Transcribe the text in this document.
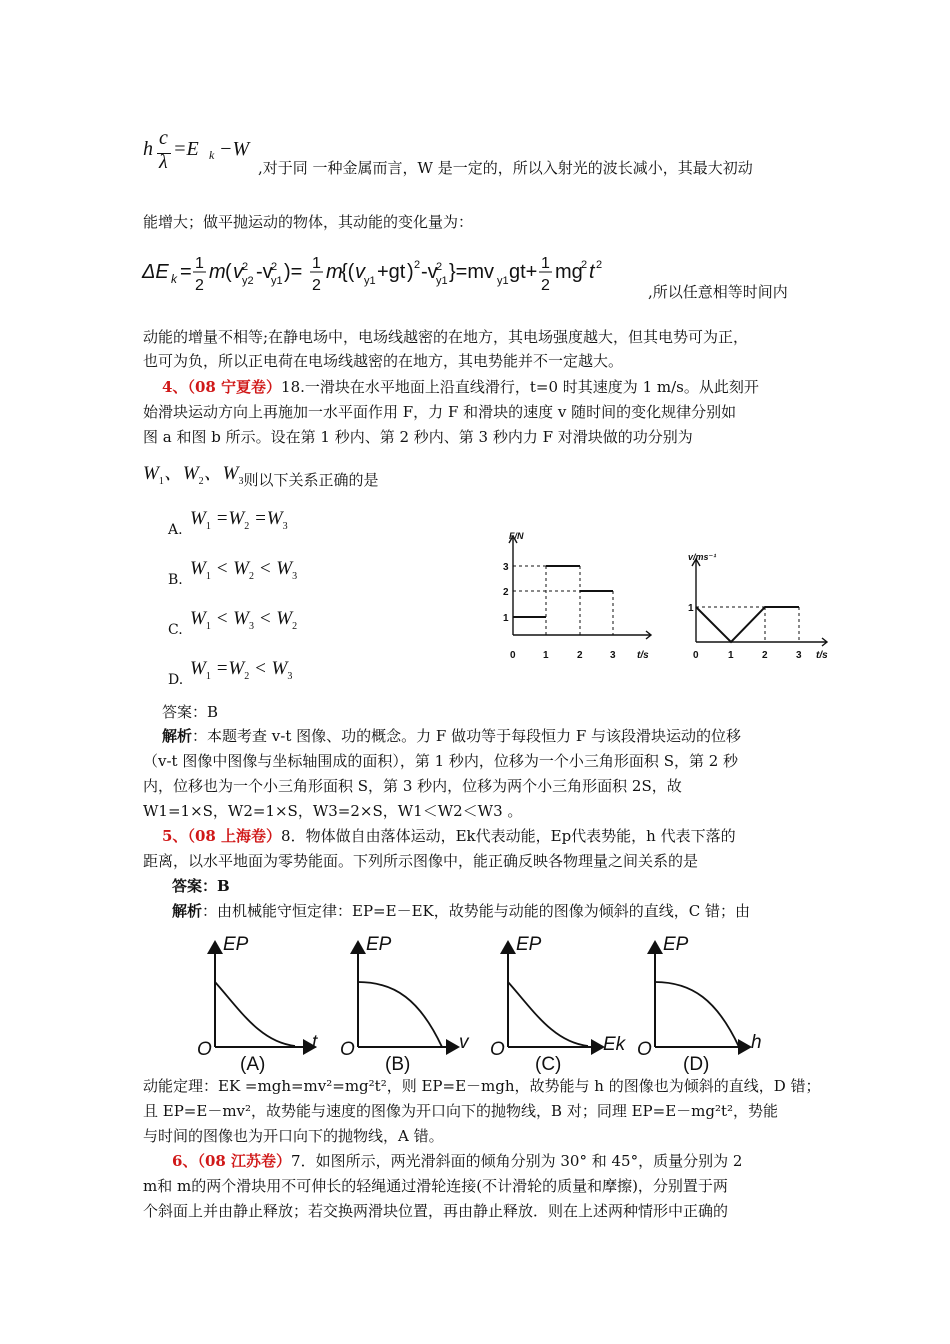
h c
λ
=E k −W
,对于同 一种金属而言，W 是一定的，所以入射光的波长减小，其最大初动
能增大；做平抛运动的物体，其动能的变化量为：
ΔE k = 1
2
m ( v 2
y2 -v
2
y1 )= 1
2
m
{( v y1 +gt ) 2 -v
2
y1 }=mv y1 gt+ 1
2
mg
2 t 2
,所以任意相等时间内
动能的增量不相等;在静电场中，电场线越密的在地方，其电场强度越大，但其电势可为正，
也可为负，所以正电荷在电场线越密的在地方，其电势能并不一定越大。
4、（08 宁夏卷）18.一滑块在水平地面上沿直线滑行，t=0 时其速度为 1 m/s。从此刻开
始滑块运动方向上再施加一水平面作用 F，力 F 和滑块的速度 v 随时间的变化规律分别如
图 a 和图 b 所示。设在第 1 秒内、第 2 秒内、第 3 秒内力 F 对滑块做的功分别为
$W_1$、$W_2$、$W_3$则以下关系正确的是
A.
$W_1 =W_2 =W_3$
B.
$W_1 < W_2 < W_3$
C.
$W_1 < W_3 < W_2$
D.
$W_1 =W_2 < W_3$
F/N
t/s
3
2
1
0	1	2	3
v/ms⁻¹
t/s
1
0	1	2	3
答案：B
解析：本题考查 v-t 图像、功的概念。力 F 做功等于每段恒力 F 与该段滑块运动的位移
（v-t 图像中图像与坐标轴围成的面积），第 1 秒内，位移为一个小三角形面积 S，第 2 秒
内，位移也为一个小三角形面积 S，第 3 秒内，位移为两个小三角形面积 2S，故
W1=1×S，W2=1×S，W3=2×S，W1＜W2＜W3 。
5、（08 上海卷）8．物体做自由落体运动，Ek代表动能，Ep代表势能，h 代表下落的
距离，以水平地面为零势能面。下列所示图像中，能正确反映各物理量之间关系的是
答案：B
解析：由机械能守恒定律：EP=E－EK，故势能与动能的图像为倾斜的直线，C 错；由
EP
O	t
(A)
EP
O	v
(B)
EP
O	Ek
(C)
EP
O	h
(D)
动能定理：EK =mgh=mv²=mg²t²，则 EP=E－mgh，故势能与 h 的图像也为倾斜的直线，D 错；
且 EP=E－mv²，故势能与速度的图像为开口向下的抛物线，B 对；同理 EP=E－mg²t²，势能
与时间的图像也为开口向下的抛物线，A 错。
6、（08 江苏卷）7．如图所示，两光滑斜面的倾角分别为 30° 和 45°，质量分别为 2
m和 m的两个滑块用不可伸长的轻绳通过滑轮连接(不计滑轮的质量和摩擦)，分别置于两
个斜面上并由静止释放；若交换两滑块位置，再由静止释放．则在上述两种情形中正确的
